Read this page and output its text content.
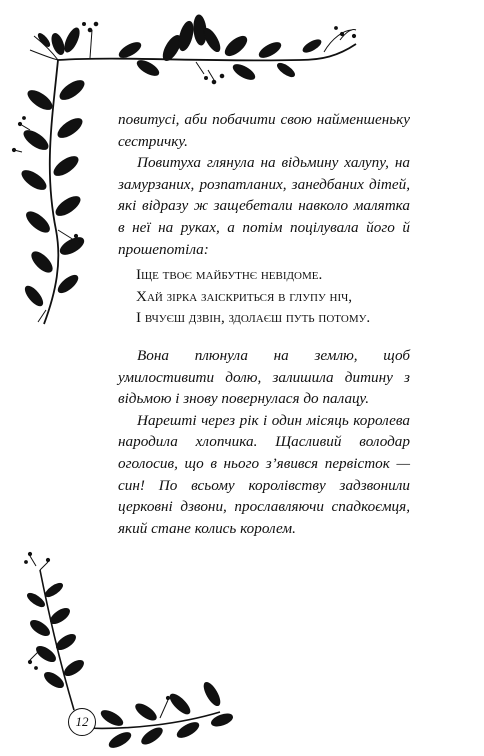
повитусі, аби побачити свою найменшеньку сестричку.

Повитуха глянула на відьмину халупу, на замурзаних, розпатланих, занедбаних дітей, які відразу ж защебетали навколо малятка в неї на руках, а потім поцілувала його й прошепотіла:

Іще твоє майбутнє невідоме.
Хай зірка заіскриться в глупу ніч,
І вчуєш дзвін, здолаєш путь потому.

Вона плюнула на землю, щоб умилостивити долю, залишила дитину з відьмою і знову повернулася до палацу.

Нарешті через рік і один місяць королева народила хлопчика. Щасливий володар оголосив, що в нього з’явився первісток — син! По всьому королівству задзвонили церковні дзвони, прославляючи спадкоємця, який стане колись королем.

12
